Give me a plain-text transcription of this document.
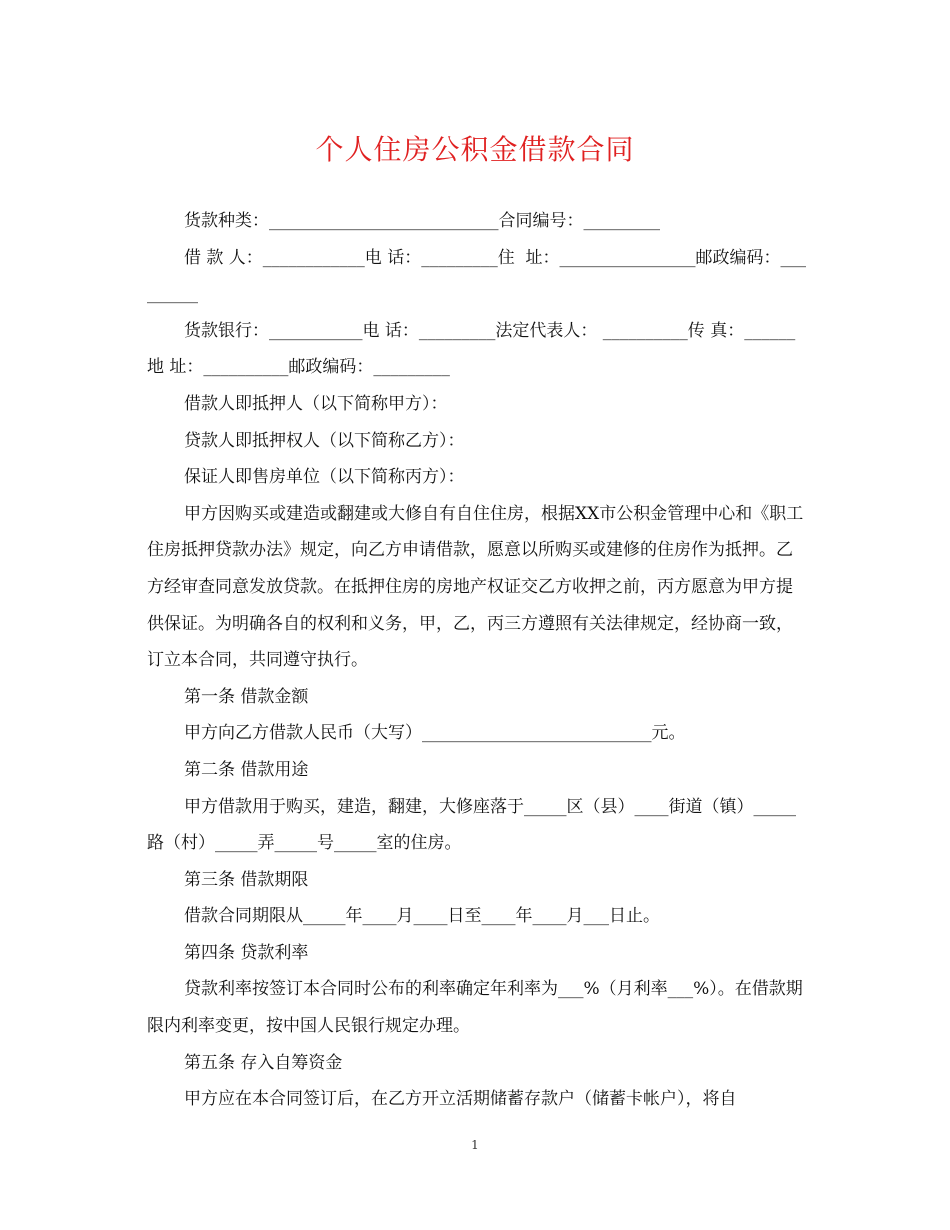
个人住房公积金借款合同

货款种类：___________________________合同编号：_________

借 款 人：____________电 话：_________住  址：________________邮政编码：_________

货款银行：___________电 话：_________法定代表人： __________传 真：______地 址：__________邮政编码：_________

借款人即抵押人（以下简称甲方）：

贷款人即抵押权人（以下简称乙方）：

保证人即售房单位（以下简称丙方）：

甲方因购买或建造或翻建或大修自有自住住房，根据XX市公积金管理中心和《职工住房抵押贷款办法》规定，向乙方申请借款，愿意以所购买或建修的住房作为抵押。乙方经审查同意发放贷款。在抵押住房的房地产权证交乙方收押之前，丙方愿意为甲方提供保证。为明确各自的权利和义务，甲，乙，丙三方遵照有关法律规定，经协商一致，订立本合同，共同遵守执行。

第一条 借款金额

甲方向乙方借款人民币（大写）___________________________元。

第二条 借款用途

甲方借款用于购买，建造，翻建，大修座落于_____区（县）____街道（镇）_____路（村）_____弄_____号_____室的住房。

第三条 借款期限

借款合同期限从_____年____月____日至____年____月___日止。

第四条 贷款利率

贷款利率按签订本合同时公布的利率确定年利率为___%（月利率___%）。在借款期限内利率变更，按中国人民银行规定办理。

第五条 存入自筹资金

甲方应在本合同签订后，在乙方开立活期储蓄存款户（储蓄卡帐户），将自

1
